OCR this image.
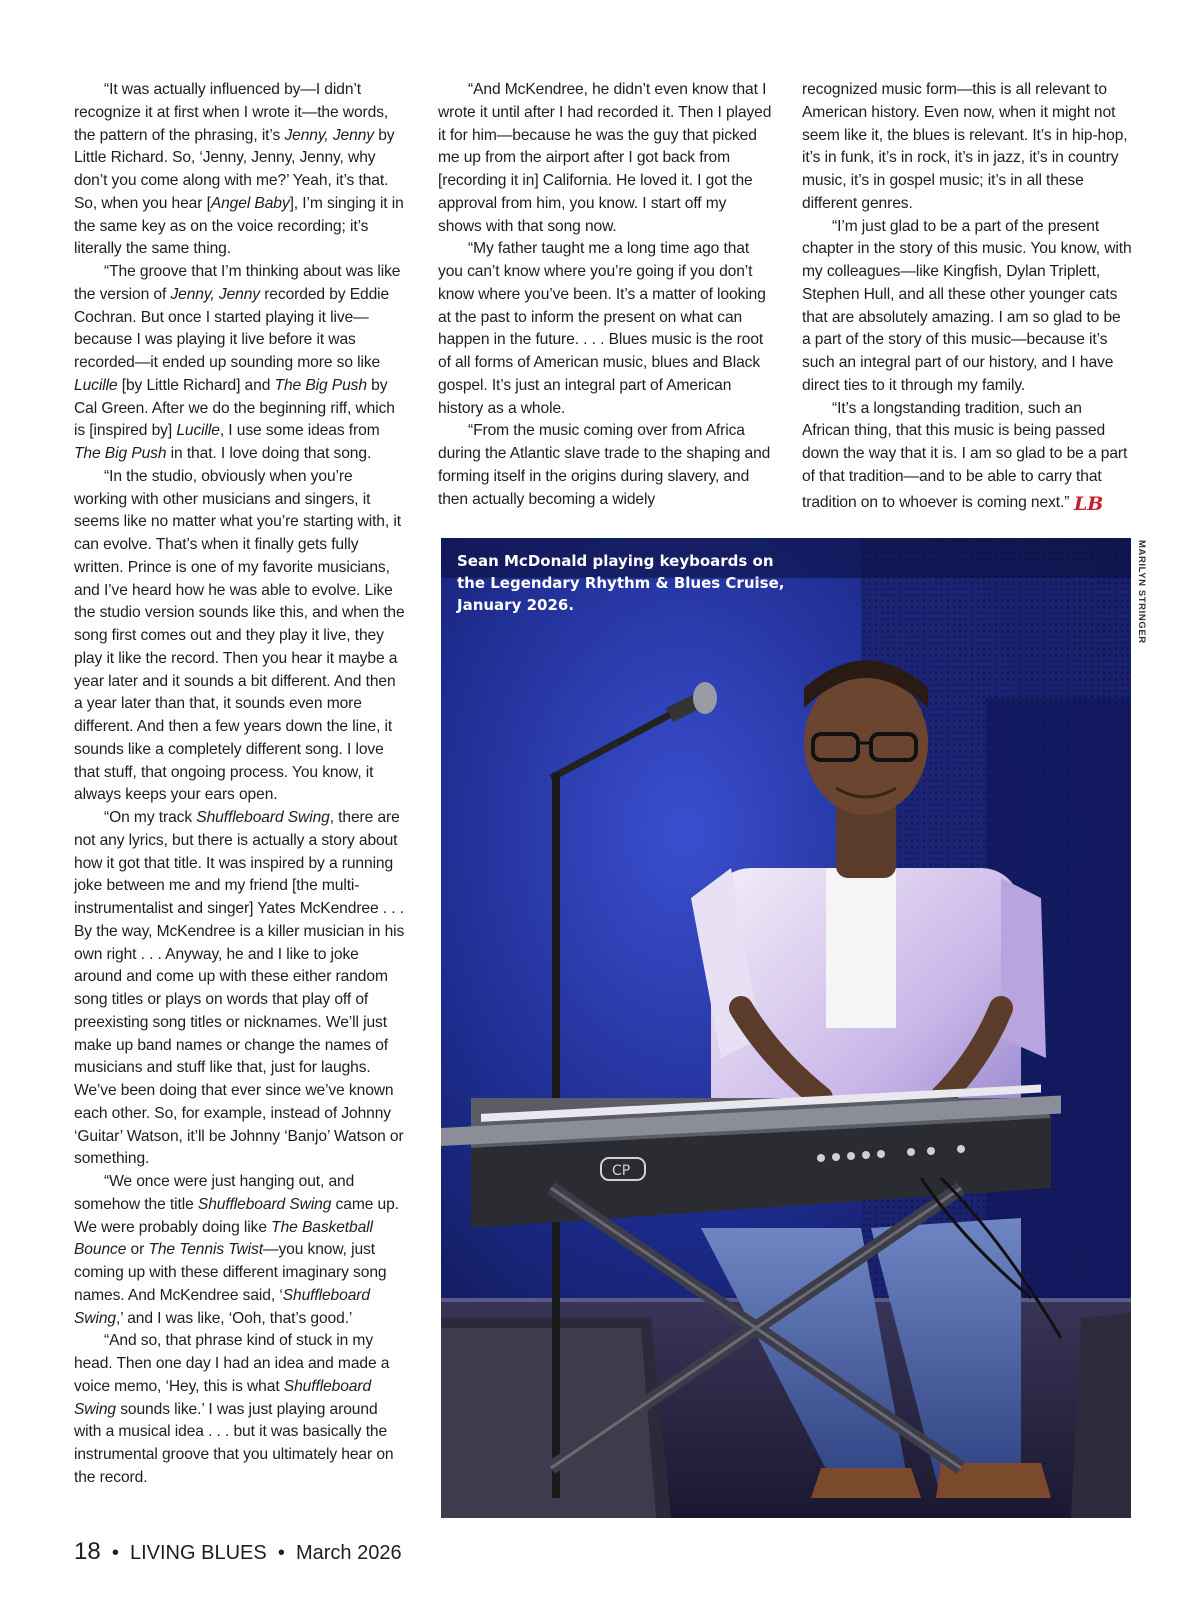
“It was actually influenced by—I didn’t recognize it at first when I wrote it—the words, the pattern of the phrasing, it’s Jenny, Jenny by Little Richard. So, ‘Jenny, Jenny, Jenny, why don’t you come along with me?’ Yeah, it’s that. So, when you hear [Angel Baby], I’m singing it in the same key as on the voice recording; it’s literally the same thing.

“The groove that I’m thinking about was like the version of Jenny, Jenny recorded by Eddie Cochran. But once I started playing it live—because I was playing it live before it was recorded—it ended up sounding more so like Lucille [by Little Richard] and The Big Push by Cal Green. After we do the beginning riff, which is [inspired by] Lucille, I use some ideas from The Big Push in that. I love doing that song.

“In the studio, obviously when you’re working with other musicians and singers, it seems like no matter what you’re starting with, it can evolve. That’s when it finally gets fully written. Prince is one of my favorite musicians, and I’ve heard how he was able to evolve. Like the studio version sounds like this, and when the song first comes out and they play it live, they play it like the record. Then you hear it maybe a year later and it sounds a bit different. And then a year later than that, it sounds even more different. And then a few years down the line, it sounds like a completely different song. I love that stuff, that ongoing process. You know, it always keeps your ears open.

“On my track Shuffleboard Swing, there are not any lyrics, but there is actually a story about how it got that title. It was inspired by a running joke between me and my friend [the multi-instrumentalist and singer] Yates McKendree . . . By the way, McKendree is a killer musician in his own right . . . Anyway, he and I like to joke around and come up with these either random song titles or plays on words that play off of preexisting song titles or nicknames. We’ll just make up band names or change the names of musicians and stuff like that, just for laughs. We’ve been doing that ever since we’ve known each other. So, for example, instead of Johnny ‘Guitar’ Watson, it’ll be Johnny ‘Banjo’ Watson or something.

“We once were just hanging out, and somehow the title Shuffleboard Swing came up. We were probably doing like The Basketball Bounce or The Tennis Twist—you know, just coming up with these different imaginary song names. And McKendree said, ‘Shuffleboard Swing,’ and I was like, ‘Ooh, that’s good.’

“And so, that phrase kind of stuck in my head. Then one day I had an idea and made a voice memo, ‘Hey, this is what Shuffleboard Swing sounds like.’ I was just playing around with a musical idea . . . but it was basically the instrumental groove that you ultimately hear on the record.

“And McKendree, he didn’t even know that I wrote it until after I had recorded it. Then I played it for him—because he was the guy that picked me up from the airport after I got back from [recording it in] California. He loved it. I got the approval from him, you know. I start off my shows with that song now.

“My father taught me a long time ago that you can’t know where you’re going if you don’t know where you’ve been. It’s a matter of looking at the past to inform the present on what can happen in the future. . . . Blues music is the root of all forms of American music, blues and Black gospel. It’s just an integral part of American history as a whole.

“From the music coming over from Africa during the Atlantic slave trade to the shaping and forming itself in the origins during slavery, and then actually becoming a widely

recognized music form—this is all relevant to American history. Even now, when it might not seem like it, the blues is relevant. It’s in hip-hop, it’s in funk, it’s in rock, it’s in jazz, it’s in country music, it’s in gospel music; it’s in all these different genres.

“I’m just glad to be a part of the present chapter in the story of this music. You know, with my colleagues—like Kingfish, Dylan Triplett, Stephen Hull, and all these other younger cats that are absolutely amazing. I am so glad to be a part of the story of this music—because it’s such an integral part of our history, and I have direct ties to it through my family.

“It’s a longstanding tradition, such an African thing, that this music is being passed down the way that it is. I am so glad to be a part of that tradition—and to be able to carry that tradition on to whoever is coming next.” LB

CP
Sean McDonald playing keyboards on the Legendary Rhythm & Blues Cruise, January 2026.	MARILYN STRINGER
18 • LIVING BLUES • March 2026
